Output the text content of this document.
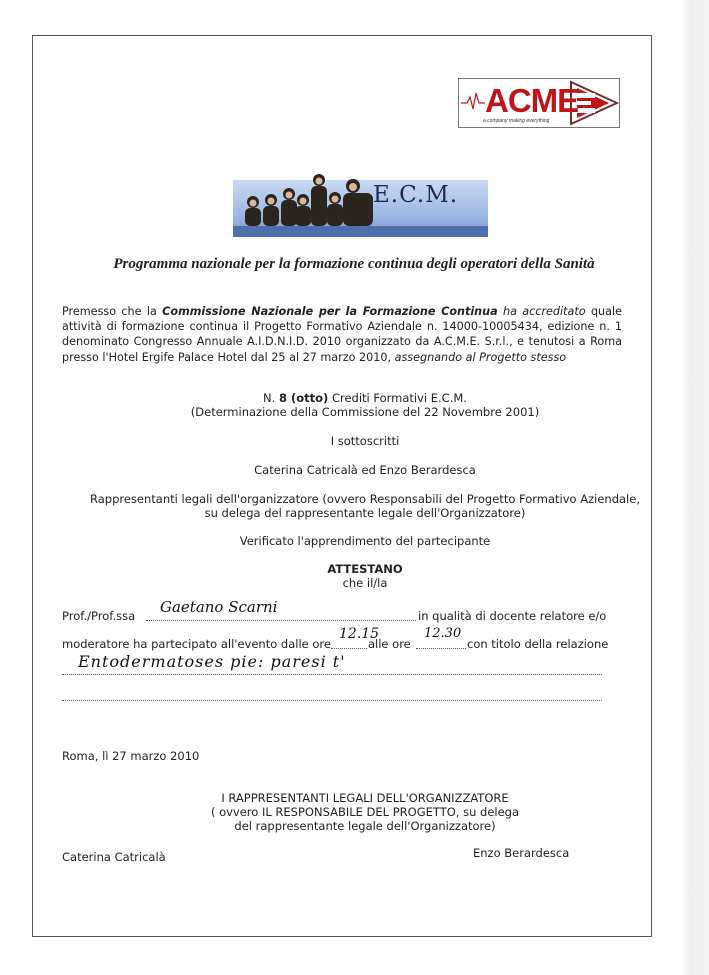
ACME
a company making everything
E.C.M.
Programma nazionale per la formazione continua degli operatori della Sanità
Premesso che la Commissione Nazionale per la Formazione Continua ha accreditato quale attività di formazione continua il Progetto Formativo Aziendale n. 14000-10005434, edizione n. 1 denominato Congresso Annuale A.I.D.N.I.D. 2010 organizzato da A.C.M.E. S.r.l., e tenutosi a Roma presso l'Hotel Ergife Palace Hotel dal 25 al 27 marzo 2010, assegnando al Progetto stesso
N. 8 (otto) Crediti Formativi E.C.M.
(Determinazione della Commissione del 22 Novembre 2001)
I sottoscritti
Caterina Catricalà ed Enzo Berardesca
Rappresentanti legali dell'organizzatore (ovvero Responsabili del Progetto Formativo Aziendale,
su delega del rappresentante legale dell'Organizzatore)
Verificato l'apprendimento del partecipante
ATTESTANO
che il/la
Prof./Prof.ssa Gaetano Scarni	in qualità di docente relatore e/o
moderatore ha partecipato all'evento dalle ore
12.15
alle ore
12.30
con titolo della relazione
Entodermatoses pie: paresi t'
Roma, lì 27 marzo 2010
I RAPPRESENTANTI LEGALI DELL'ORGANIZZATORE
( ovvero IL RESPONSABILE DEL PROGETTO, su delega
del rappresentante legale dell'Organizzatore)
Caterina Catricalà	Enzo Berardesca
